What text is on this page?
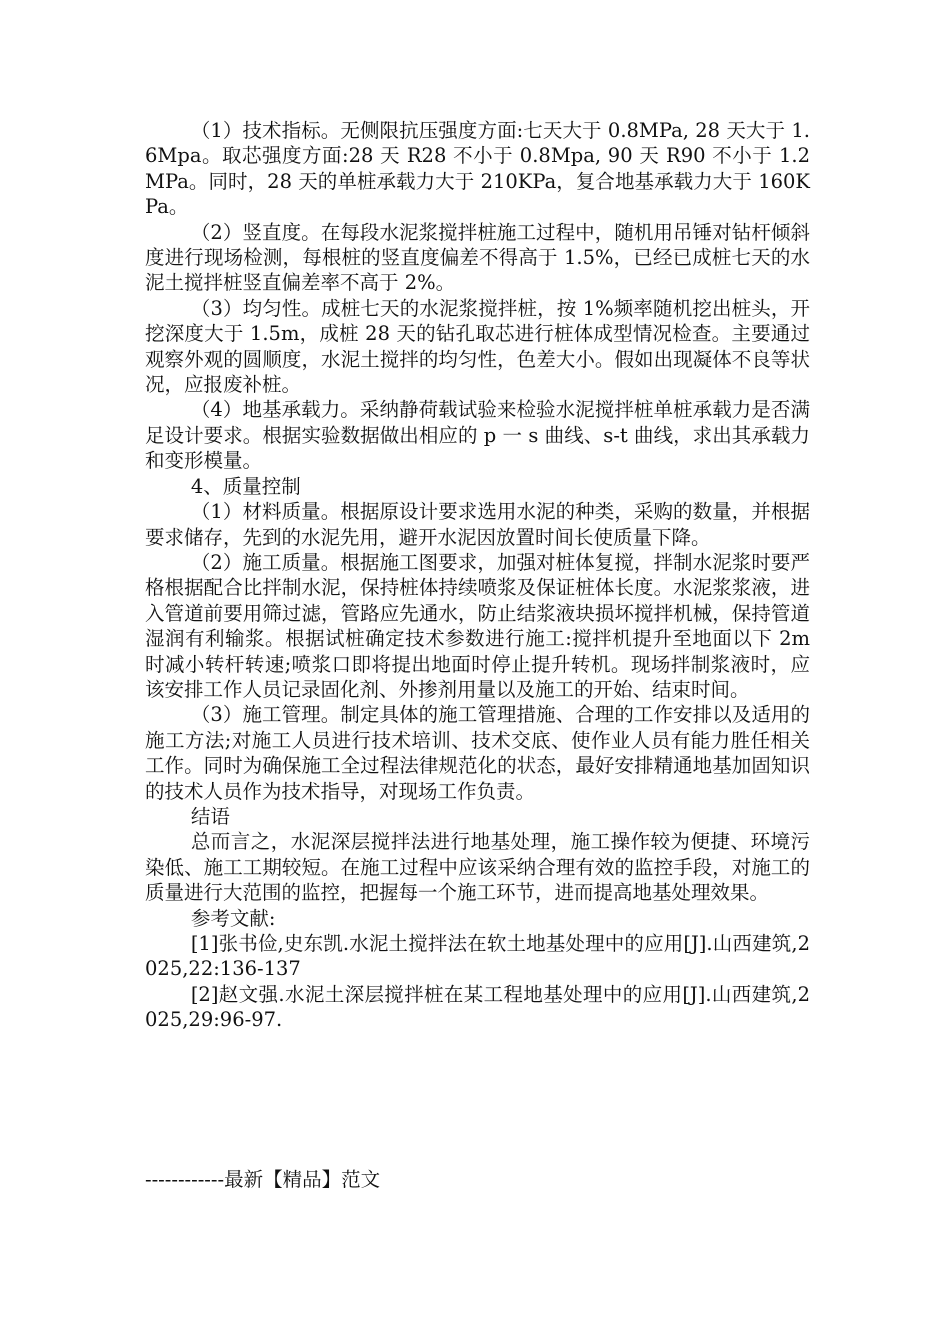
（1）技术指标。无侧限抗压强度方面:七天大于 0.8MPa, 28 天大于 1.6Mpa。取芯强度方面:28 天 R28 不小于 0.8Mpa, 90 天 R90 不小于 1.2MPa。同时，28 天的单桩承载力大于 210KPa，复合地基承载力大于 160KPa。

（2）竖直度。在每段水泥浆搅拌桩施工过程中，随机用吊锤对钻杆倾斜度进行现场检测，每根桩的竖直度偏差不得高于 1.5%，已经已成桩七天的水泥土搅拌桩竖直偏差率不高于 2%。

（3）均匀性。成桩七天的水泥浆搅拌桩，按 1%频率随机挖出桩头，开挖深度大于 1.5m，成桩 28 天的钻孔取芯进行桩体成型情况检查。主要通过观察外观的圆顺度，水泥土搅拌的均匀性，色差大小。假如出现凝体不良等状况，应报废补桩。

（4）地基承载力。采纳静荷载试验来检验水泥搅拌桩单桩承载力是否满足设计要求。根据实验数据做出相应的 p 一 s 曲线、s-t 曲线，求出其承载力和变形模量。

4、质量控制

（1）材料质量。根据原设计要求选用水泥的种类，采购的数量，并根据要求储存，先到的水泥先用，避开水泥因放置时间长使质量下降。

（2）施工质量。根据施工图要求，加强对桩体复搅，拌制水泥浆时要严格根据配合比拌制水泥，保持桩体持续喷浆及保证桩体长度。水泥浆浆液，进入管道前要用筛过滤，管路应先通水，防止结浆液块损坏搅拌机械，保持管道湿润有利输浆。根据试桩确定技术参数进行施工:搅拌机提升至地面以下 2m 时减小转杆转速;喷浆口即将提出地面时停止提升转机。现场拌制浆液时，应该安排工作人员记录固化剂、外掺剂用量以及施工的开始、结束时间。

（3）施工管理。制定具体的施工管理措施、合理的工作安排以及适用的施工方法;对施工人员进行技术培训、技术交底、使作业人员有能力胜任相关工作。同时为确保施工全过程法律规范化的状态，最好安排精通地基加固知识的技术人员作为技术指导，对现场工作负责。

结语

总而言之，水泥深层搅拌法进行地基处理，施工操作较为便捷、环境污染低、施工工期较短。在施工过程中应该采纳合理有效的监控手段，对施工的质量进行大范围的监控，把握每一个施工环节，进而提高地基处理效果。

参考文献:

[1]张书俭,史东凯.水泥土搅拌法在软土地基处理中的应用[J].山西建筑,2025,22:136-137

[2]赵文强.水泥土深层搅拌桩在某工程地基处理中的应用[J].山西建筑,2025,29:96-97.

------------最新【精品】范文
